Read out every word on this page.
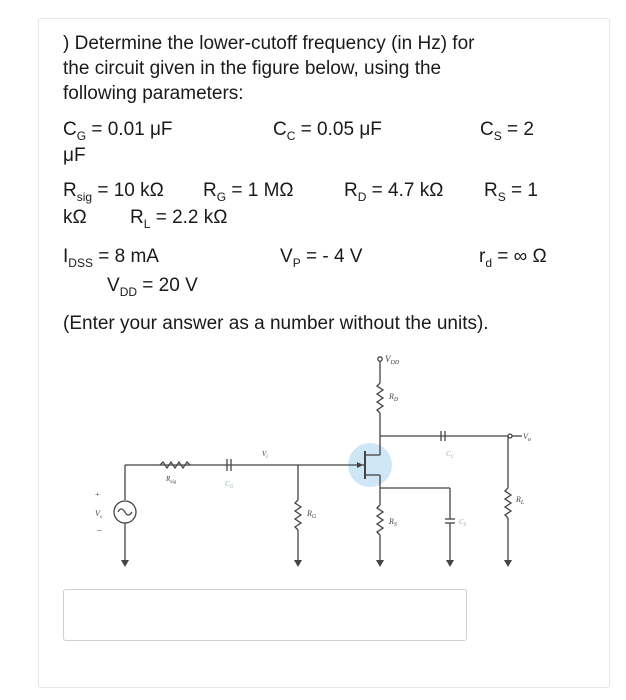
) Determine the lower-cutoff frequency (in Hz) for
the circuit given in the figure below, using the
following parameters:
$C_G = 0.01$ μF	$C_C = 0.05$ μF	$C_S = 2$
μF
$R_{sig} = 10$ kΩ $R_G = 1$ MΩ	$R_D = 4.7$ kΩ $R_S = 1$
kΩ $R_L = 2.2$ kΩ
$I_{DSS} = 8$ mA	$V_P$ = - 4 V	$r_d$ = ∞ Ω
$V_{DD} = 20$ V
(Enter your answer as a number without the units).
$V_{DD}$
$R_D$
$C_C$
$V_o$
$R_L$
$R_S$	$C_S$
$R_{sig}$	$C_G$
$V_i$
$R_G$
+
$V_s$
–
